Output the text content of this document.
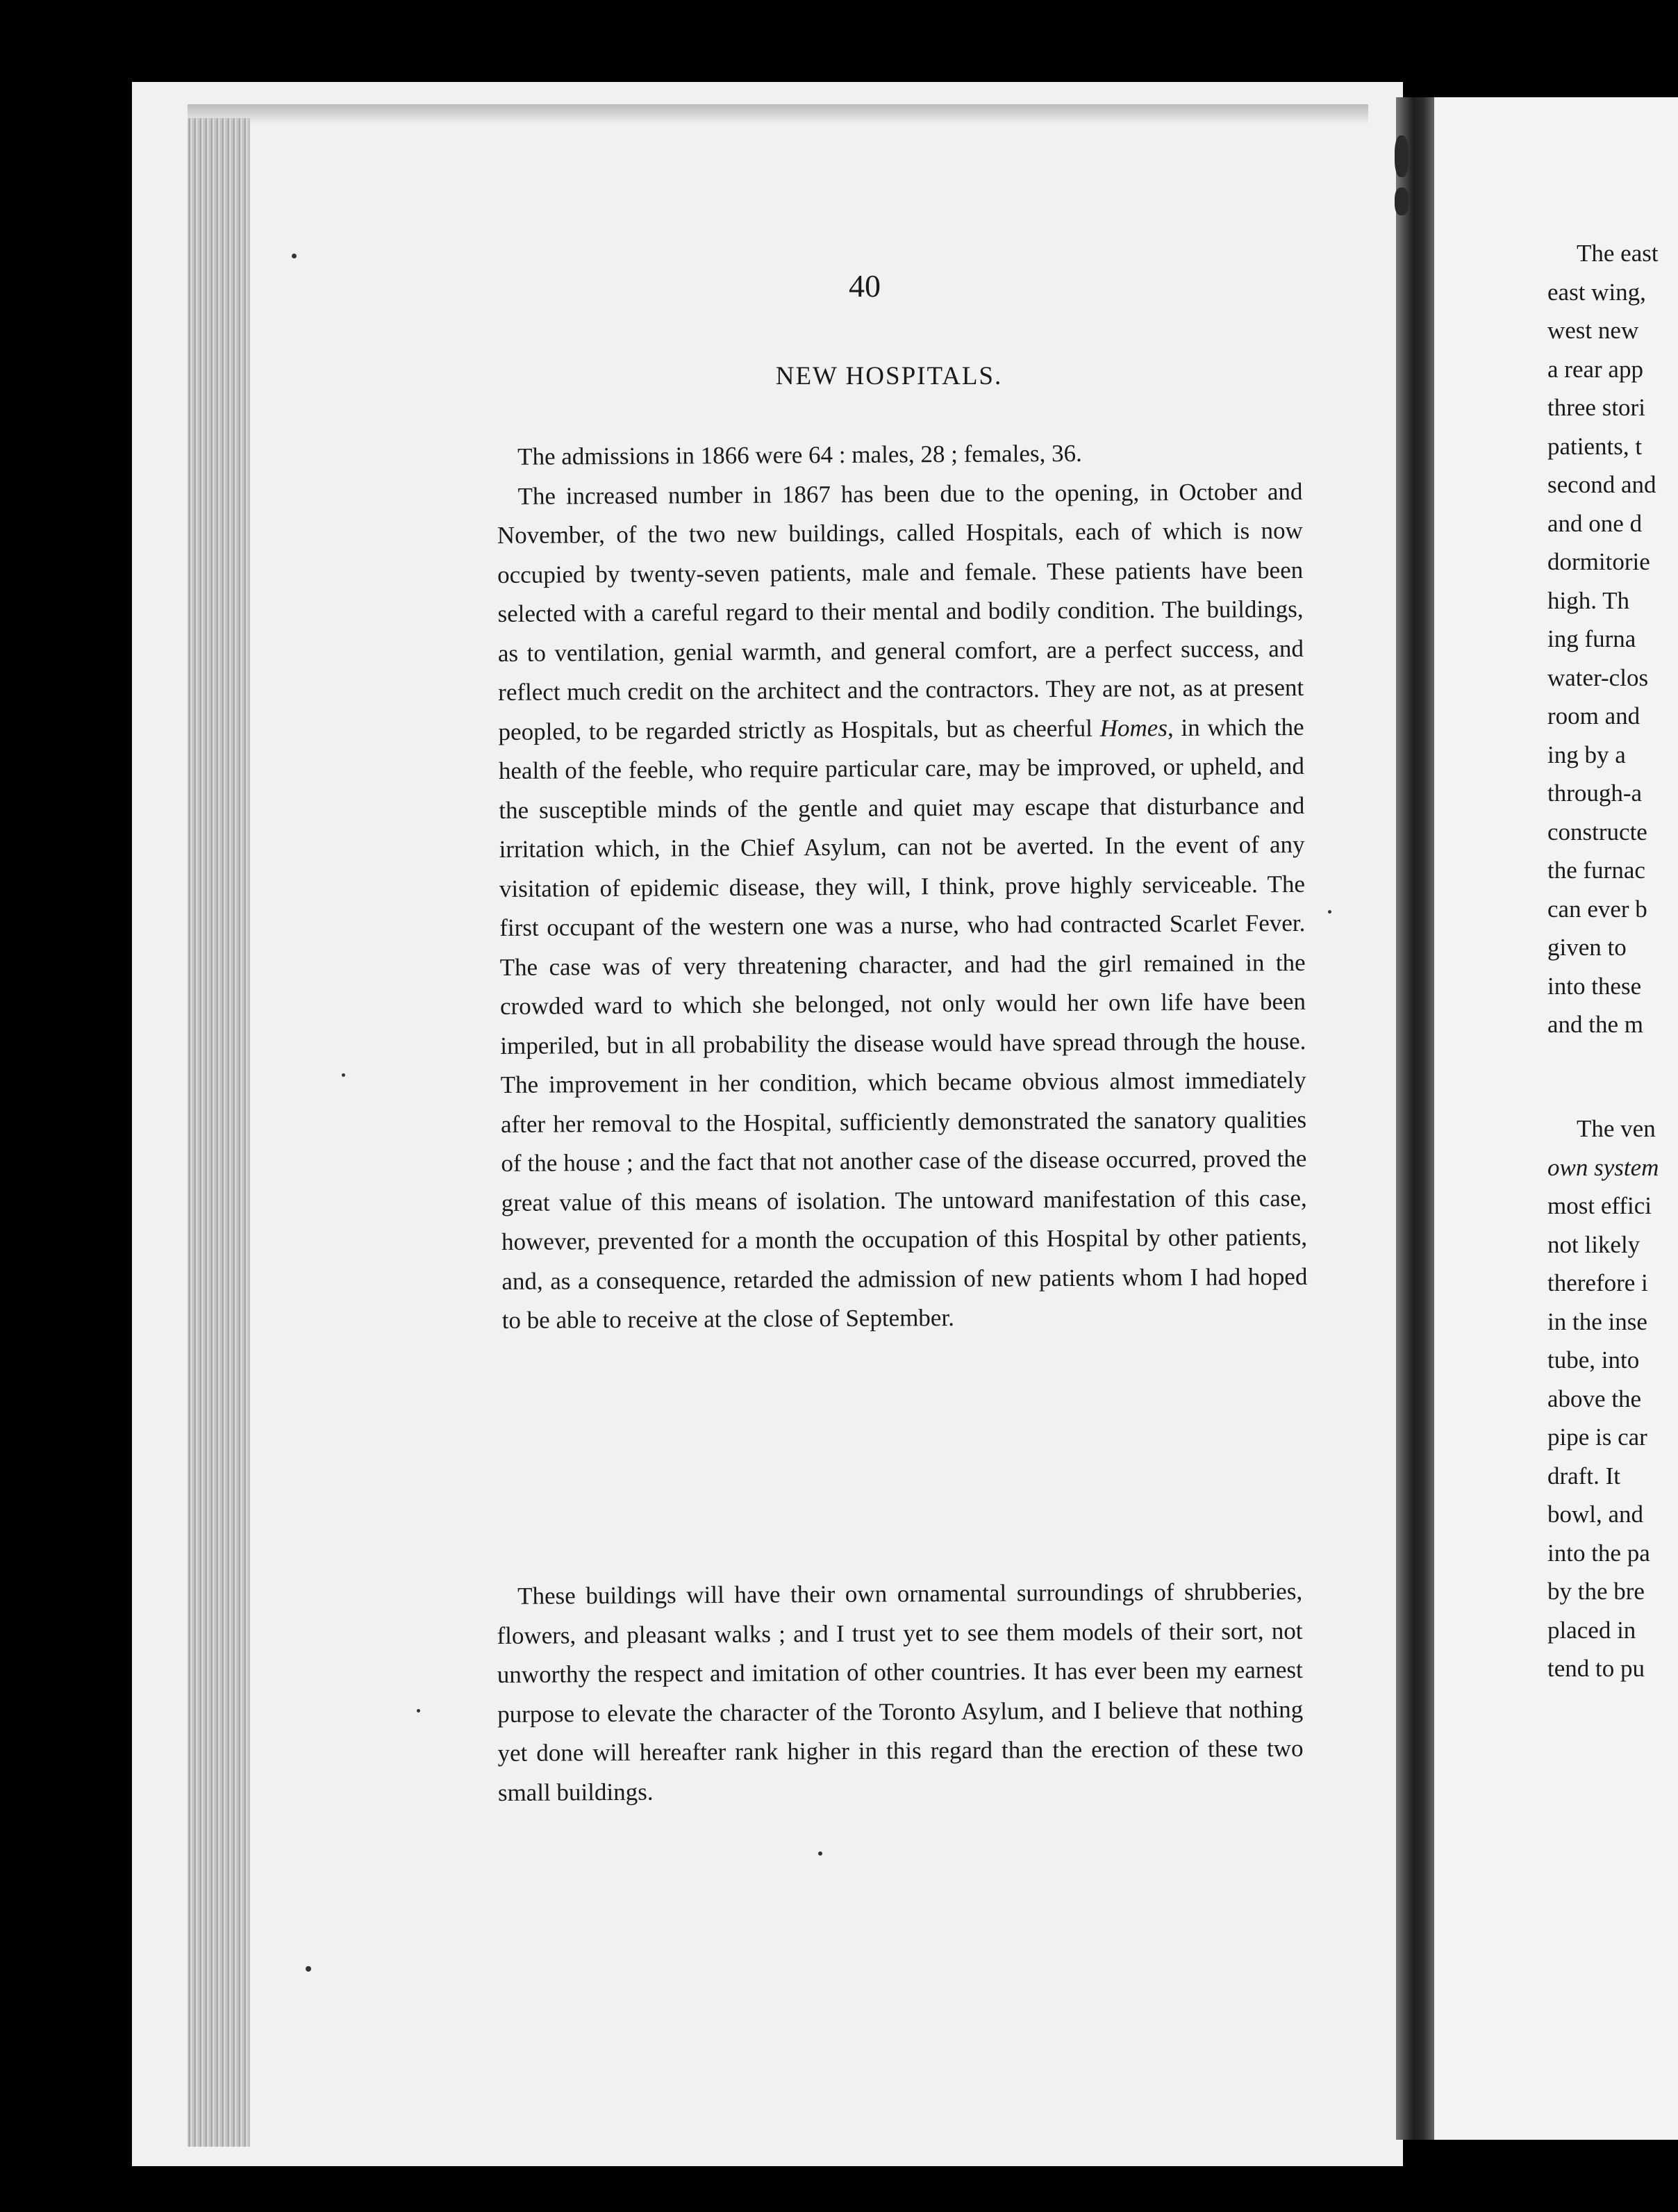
40
NEW HOSPITALS.

The admissions in 1866 were 64 : males, 28 ; females, 36.

The increased number in 1867 has been due to the opening, in October and November, of the two new buildings, called Hospitals, each of which is now occupied by twenty-seven patients, male and female. These patients have been selected with a careful regard to their mental and bodily condition. The buildings, as to ventilation, genial warmth, and general comfort, are a perfect success, and reflect much credit on the architect and the contractors. They are not, as at present peopled, to be regarded strictly as Hospitals, but as cheerful Homes, in which the health of the feeble, who require particular care, may be improved, or upheld, and the susceptible minds of the gentle and quiet may escape that disturbance and irritation which, in the Chief Asylum, can not be averted. In the event of any visitation of epidemic disease, they will, I think, prove highly serviceable. The first occupant of the western one was a nurse, who had contracted Scarlet Fever. The case was of very threatening character, and had the girl remained in the crowded ward to which she belonged, not only would her own life have been imperiled, but in all probability the disease would have spread through the house. The improvement in her condition, which became obvious almost immediately after her removal to the Hospital, sufficiently demonstrated the sanatory qualities of the house ; and the fact that not another case of the disease occurred, proved the great value of this means of isolation. The untoward manifestation of this case, however, prevented for a month the occupation of this Hospital by other patients, and, as a consequence, retarded the admission of new patients whom I had hoped to be able to receive at the close of September.

These buildings will have their own ornamental surroundings of shrubberies, flowers, and pleasant walks ; and I trust yet to see them models of their sort, not unworthy the respect and imitation of other countries. It has ever been my earnest purpose to elevate the character of the Toronto Asylum, and I believe that nothing yet done will hereafter rank higher in this regard than the erection of these two small buildings.

The east
east wing,
west new
a rear app
three stori
patients, t
second and
and one d
dormitorie
high. Th
ing furna
water-clos
room and
ing by a
through-a
constructe
the furnac
can ever b
given to
into these
and the m
The ven
own system
most effici
not likely
therefore i
in the inse
tube, into
above the
pipe is car
draft. It
bowl, and
into the pa
by the bre
placed in
tend to pu
